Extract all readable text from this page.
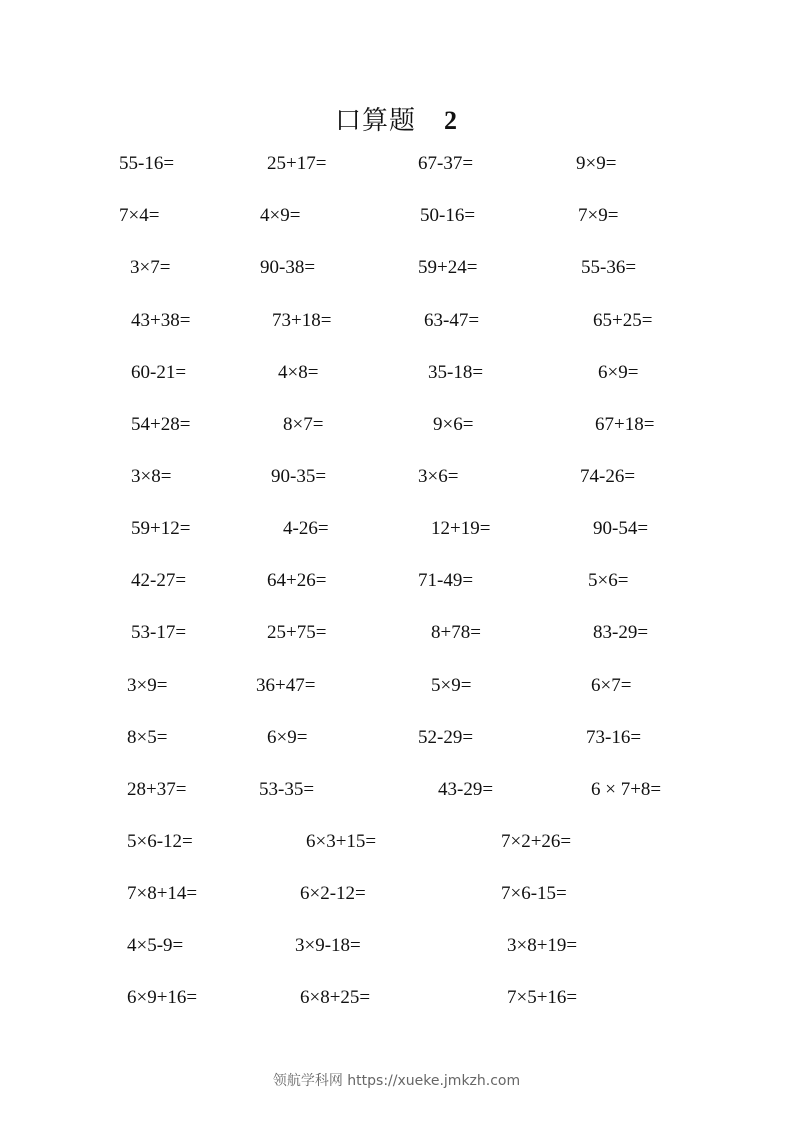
口算题 2
55-16=	25+17=	67-37=	9×9=
7×4=	4×9=	50-16=	7×9=
3×7=	90-38=	59+24=	55-36=
43+38=	73+18=	63-47=	65+25=
60-21=	4×8=	35-18=	6×9=
54+28=	8×7=	9×6=	67+18=
3×8=	90-35=	3×6=	74-26=
59+12=	4-26=	12+19=	90-54=
42-27=	64+26=	71-49=	5×6=
53-17=	25+75=	8+78=	83-29=
3×9=	36+47=	5×9=	6×7=
8×5=	6×9=	52-29=	73-16=
28+37=	53-35=	43-29=	6 × 7+8=
5×6-12=	6×3+15=	7×2+26=
7×8+14=	6×2-12=	7×6-15=
4×5-9=	3×9-18=	3×8+19=
6×9+16=	6×8+25=	7×5+16=
领航学科网 https://xueke.jmkzh.com
